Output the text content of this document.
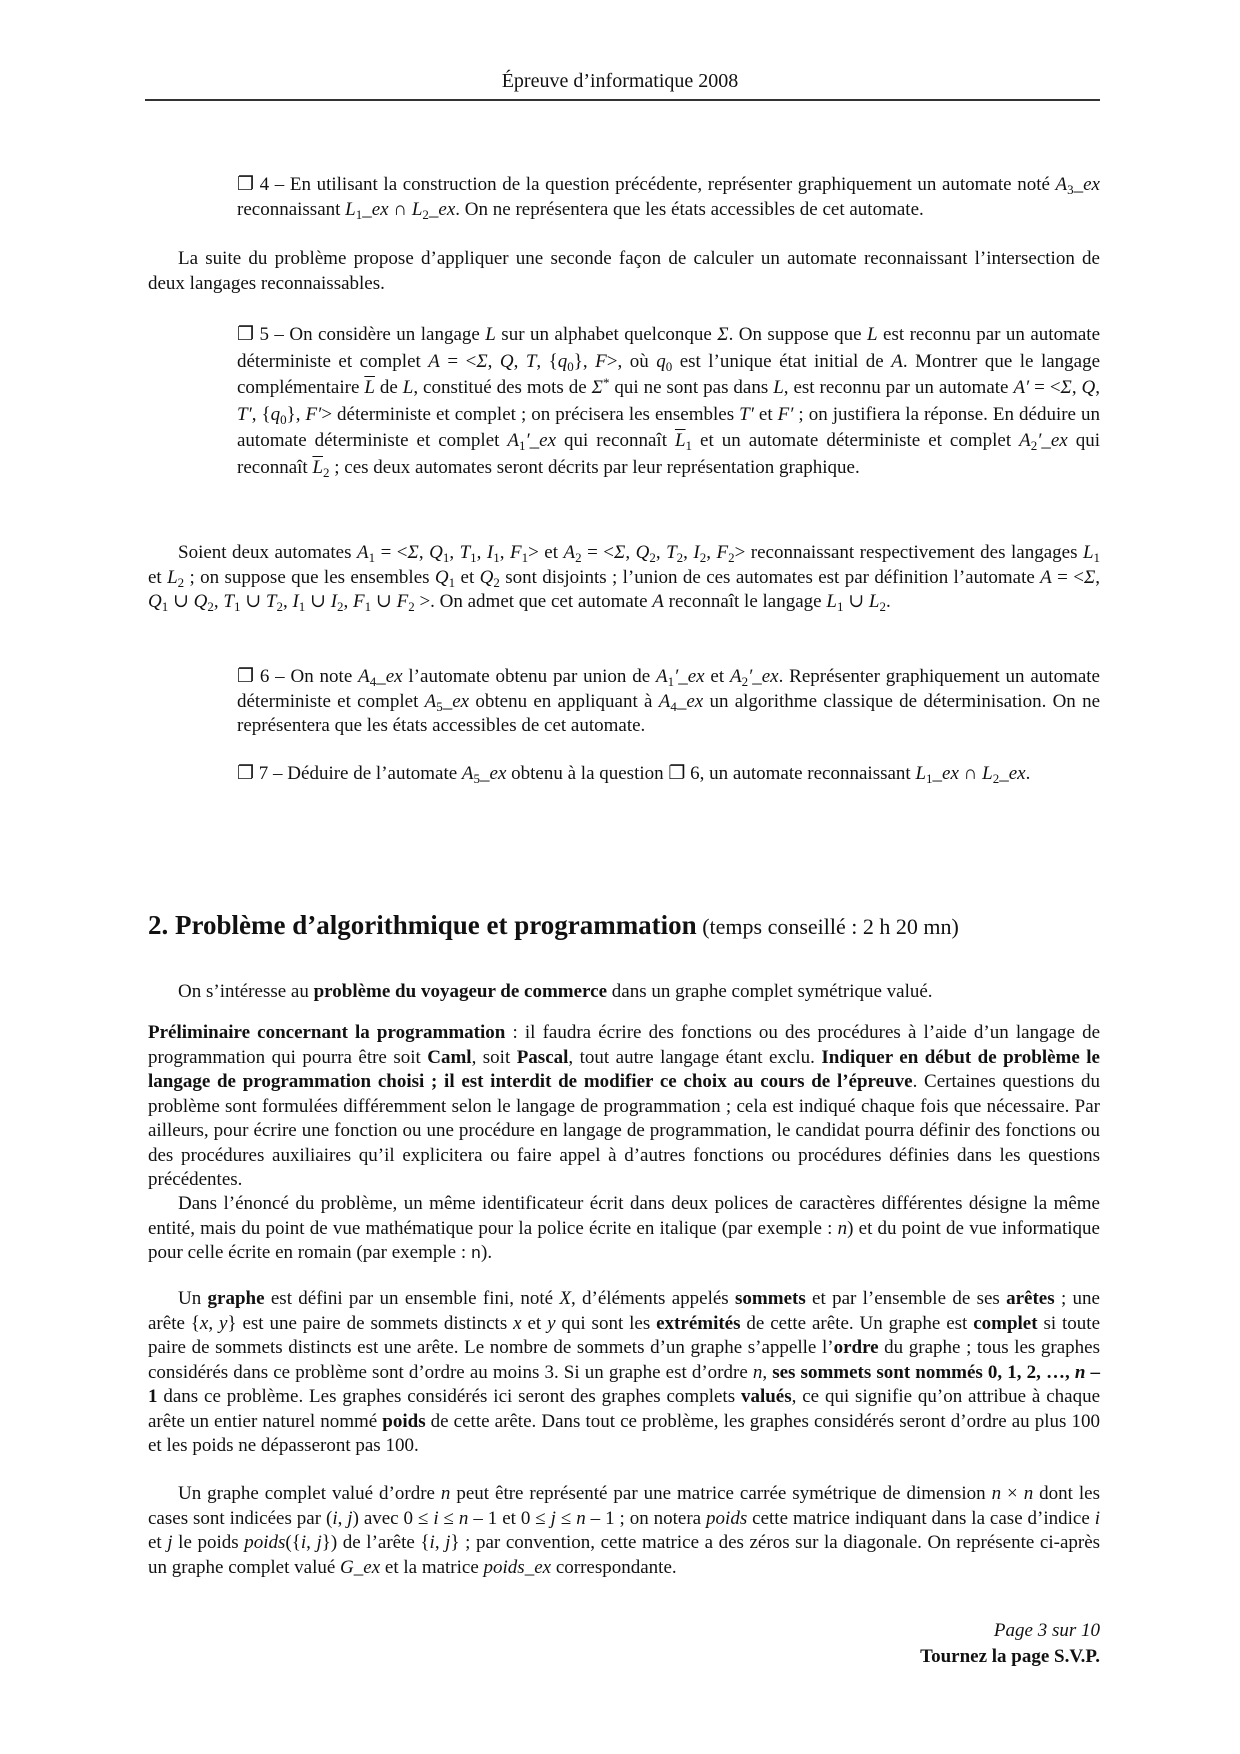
Épreuve d’informatique 2008
❐ 4 – En utilisant la construction de la question précédente, représenter graphiquement un automate noté $A_3\_ex$ reconnaissant $L_1\_ex$ ∩ $L_2\_ex$. On ne représentera que les états accessibles de cet automate.
La suite du problème propose d’appliquer une seconde façon de calculer un automate reconnaissant l’intersection de deux langages reconnaissables.
❐ 5 – On considère un langage L sur un alphabet quelconque Σ. On suppose que L est reconnu par un automate déterministe et complet A = <Σ, Q, T, $\{q_0\}$, F>, où $q_0$ est l’unique état initial de A. Montrer que le langage complémentaire $\overline{L}$ de L, constitué des mots de Σ* qui ne sont pas dans L, est reconnu par un automate A′ = <Σ, Q, T′, $\{q_0\}$, F′> déterministe et complet ; on précisera les ensembles T′ et F′ ; on justifiera la réponse. En déduire un automate déterministe et complet $A_1'\_ex$ qui reconnaît $\overline{L}_1$ et un automate déterministe et complet $A_2'\_ex$ qui reconnaît $\overline{L}_2$ ; ces deux automates seront décrits par leur représentation graphique.
Soient deux automates $A_1 = <\Sigma$, $Q_1$, $T_1$, $I_1$, $F_1>$ et $A_2 = <\Sigma$, $Q_2$, $T_2$, $I_2$, $F_2>$ reconnaissant respectivement des langages $L_1$ et $L_2$ ; on suppose que les ensembles $Q_1$ et $Q_2$ sont disjoints ; l’union de ces automates est par définition l’automate A = <Σ, $Q_1$ ∪ $Q_2$, $T_1$ ∪ $T_2$, $I_1$ ∪ $I_2$, $F_1$ ∪ $F_2$ >. On admet que cet automate A reconnaît le langage $L_1$ ∪ $L_2$.
❐ 6 – On note $A_4\_ex$ l’automate obtenu par union de $A_1'\_ex$ et $A_2'\_ex$. Représenter graphiquement un automate déterministe et complet $A_5\_ex$ obtenu en appliquant à $A_4\_ex$ un algorithme classique de déterminisation. On ne représentera que les états accessibles de cet automate.
❐ 7 – Déduire de l’automate $A_5\_ex$ obtenu à la question ❐ 6, un automate reconnaissant $L_1\_ex$ ∩ $L_2\_ex$.
2. Problème d’algorithmique et programmation (temps conseillé : 2 h 20 mn)
On s’intéresse au problème du voyageur de commerce dans un graphe complet symétrique valué.
Préliminaire concernant la programmation : il faudra écrire des fonctions ou des procédures à l’aide d’un langage de programmation qui pourra être soit Caml, soit Pascal, tout autre langage étant exclu. Indiquer en début de problème le langage de programmation choisi ; il est interdit de modifier ce choix au cours de l’épreuve. Certaines questions du problème sont formulées différemment selon le langage de programmation ; cela est indiqué chaque fois que nécessaire. Par ailleurs, pour écrire une fonction ou une procédure en langage de programmation, le candidat pourra définir des fonctions ou des procédures auxiliaires qu’il explicitera ou faire appel à d’autres fonctions ou procédures définies dans les questions précédentes.
Dans l’énoncé du problème, un même identificateur écrit dans deux polices de caractères différentes désigne la même entité, mais du point de vue mathématique pour la police écrite en italique (par exemple : n) et du point de vue informatique pour celle écrite en romain (par exemple : n).
Un graphe est défini par un ensemble fini, noté X, d’éléments appelés sommets et par l’ensemble de ses arêtes ; une arête {x, y} est une paire de sommets distincts x et y qui sont les extrémités de cette arête. Un graphe est complet si toute paire de sommets distincts est une arête. Le nombre de sommets d’un graphe s’appelle l’ordre du graphe ; tous les graphes considérés dans ce problème sont d’ordre au moins 3. Si un graphe est d’ordre n, ses sommets sont nommés 0, 1, 2, …, n – 1 dans ce problème. Les graphes considérés ici seront des graphes complets valués, ce qui signifie qu’on attribue à chaque arête un entier naturel nommé poids de cette arête. Dans tout ce problème, les graphes considérés seront d’ordre au plus 100 et les poids ne dépasseront pas 100.
Un graphe complet valué d’ordre n peut être représenté par une matrice carrée symétrique de dimension n × n dont les cases sont indicées par (i, j) avec 0 ≤ i ≤ n – 1 et 0 ≤ j ≤ n – 1 ; on notera poids cette matrice indiquant dans la case d’indice i et j le poids poids({i, j}) de l’arête {i, j} ; par convention, cette matrice a des zéros sur la diagonale. On représente ci-après un graphe complet valué G_ex et la matrice poids_ex correspondante.
Page 3 sur 10
Tournez la page S.V.P.
